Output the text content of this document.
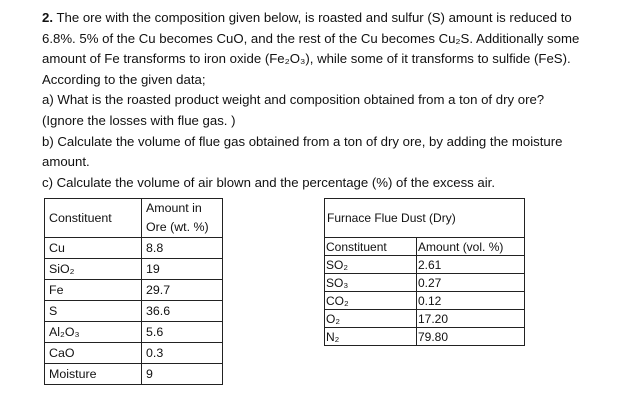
2. The ore with the composition given below, is roasted and sulfur (S) amount is reduced to

6.8%. 5% of the Cu becomes CuO, and the rest of the Cu becomes Cu₂S. Additionally some

amount of Fe transforms to iron oxide (Fe₂O₃), while some of it transforms to sulfide (FeS).

According to the given data;

a) What is the roasted product weight and composition obtained from a ton of dry ore?

(Ignore the losses with flue gas. )

b) Calculate the volume of flue gas obtained from a ton of dry ore, by adding the moisture

amount.

c) Calculate the volume of air blown and the percentage (%) of the excess air.

Constituent	Amount in
Ore (wt. %)

Cu	8.8
SiO₂	19
Fe	29.7
S	36.6
Al₂O₃	5.6
CaO	0.3
Moisture	9
Furnace Flue Dust (Dry)	
Constituent	Amount (vol. %)
SO₂	2.61
SO₃	0.27
CO₂	0.12
O₂	17.20
N₂	79.80
